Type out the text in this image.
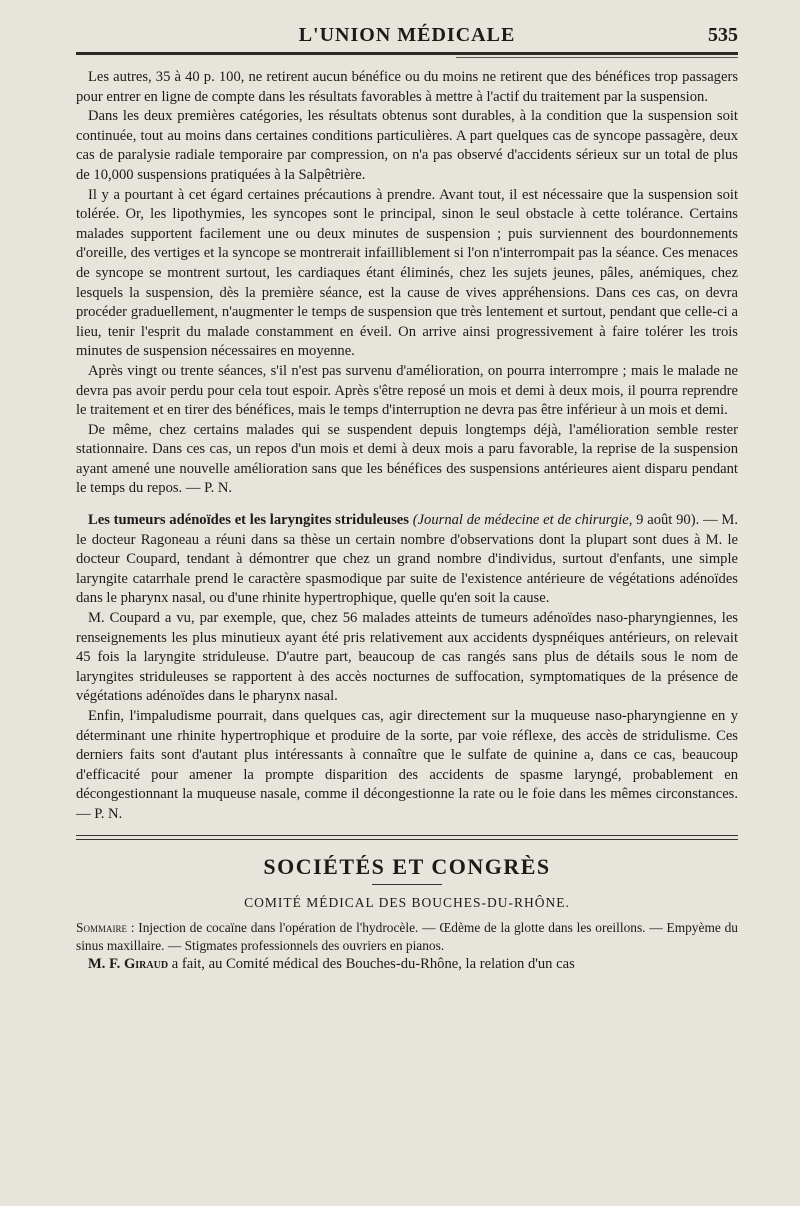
L'UNION MÉDICALE	535

Les autres, 35 à 40 p. 100, ne retirent aucun bénéfice ou du moins ne retirent que des bénéfices trop passagers pour entrer en ligne de compte dans les résultats favorables à mettre à l'actif du traitement par la suspension.

Dans les deux premières catégories, les résultats obtenus sont durables, à la condition que la suspension soit continuée, tout au moins dans certaines conditions particulières. A part quelques cas de syncope passagère, deux cas de paralysie radiale temporaire par compression, on n'a pas observé d'accidents sérieux sur un total de plus de 10,000 suspensions pratiquées à la Salpêtrière.

Il y a pourtant à cet égard certaines précautions à prendre. Avant tout, il est nécessaire que la suspension soit tolérée. Or, les lipothymies, les syncopes sont le principal, sinon le seul obstacle à cette tolérance. Certains malades supportent facilement une ou deux minutes de suspension ; puis surviennent des bourdonnements d'oreille, des vertiges et la syncope se montrerait infailliblement si l'on n'interrompait pas la séance. Ces menaces de syncope se montrent surtout, les cardiaques étant éliminés, chez les sujets jeunes, pâles, anémiques, chez lesquels la suspension, dès la première séance, est la cause de vives appréhensions. Dans ces cas, on devra procéder graduellement, n'augmenter le temps de suspension que très lentement et surtout, pendant que celle-ci a lieu, tenir l'esprit du malade constamment en éveil. On arrive ainsi progressivement à faire tolérer les trois minutes de suspension nécessaires en moyenne.

Après vingt ou trente séances, s'il n'est pas survenu d'amélioration, on pourra interrompre ; mais le malade ne devra pas avoir perdu pour cela tout espoir. Après s'être reposé un mois et demi à deux mois, il pourra reprendre le traitement et en tirer des bénéfices, mais le temps d'interruption ne devra pas être inférieur à un mois et demi.

De même, chez certains malades qui se suspendent depuis longtemps déjà, l'amélioration semble rester stationnaire. Dans ces cas, un repos d'un mois et demi à deux mois a paru favorable, la reprise de la suspension ayant amené une nouvelle amélioration sans que les bénéfices des suspensions antérieures aient disparu pendant le temps du repos. — P. N.

Les tumeurs adénoïdes et les laryngites striduleuses (Journal de médecine et de chirurgie, 9 août 90). — M. le docteur Ragoneau a réuni dans sa thèse un certain nombre d'observations dont la plupart sont dues à M. le docteur Coupard, tendant à démontrer que chez un grand nombre d'individus, surtout d'enfants, une simple laryngite catarrhale prend le caractère spasmodique par suite de l'existence antérieure de végétations adénoïdes dans le pharynx nasal, ou d'une rhinite hypertrophique, quelle qu'en soit la cause.

M. Coupard a vu, par exemple, que, chez 56 malades atteints de tumeurs adénoïdes naso-pharyngiennes, les renseignements les plus minutieux ayant été pris relativement aux accidents dyspnéiques antérieurs, on relevait 45 fois la laryngite striduleuse. D'autre part, beaucoup de cas rangés sans plus de détails sous le nom de laryngites striduleuses se rapportent à des accès nocturnes de suffocation, symptomatiques de la présence de végétations adénoïdes dans le pharynx nasal.

Enfin, l'impaludisme pourrait, dans quelques cas, agir directement sur la muqueuse naso-pharyngienne en y déterminant une rhinite hypertrophique et produire de la sorte, par voie réflexe, des accès de stridulisme. Ces derniers faits sont d'autant plus intéressants à connaître que le sulfate de quinine a, dans ce cas, beaucoup d'efficacité pour amener la prompte disparition des accidents de spasme laryngé, probablement en décongestionnant la muqueuse nasale, comme il décongestionne la rate ou le foie dans les mêmes circonstances. — P. N.

SOCIÉTÉS ET CONGRÈS
COMITÉ MÉDICAL DES BOUCHES-DU-RHÔNE.
Sommaire : Injection de cocaïne dans l'opération de l'hydrocèle. — Œdème de la glotte dans les oreillons. — Empyème du sinus maxillaire. — Stigmates professionnels des ouvriers en pianos.

M. F. Giraud a fait, au Comité médical des Bouches-du-Rhône, la relation d'un cas
